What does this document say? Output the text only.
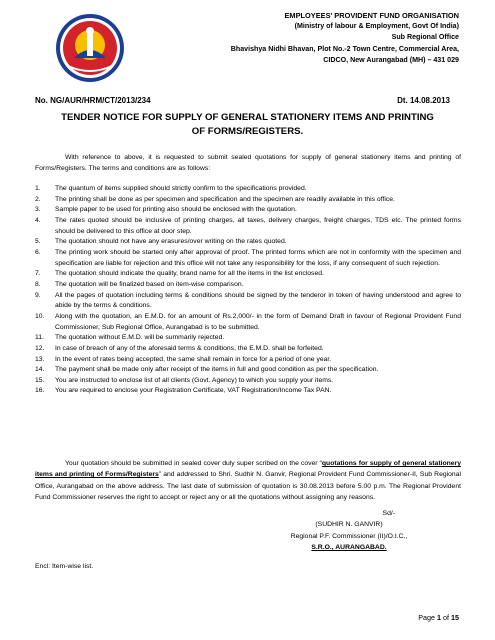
EMPLOYEES' PROVIDENT FUND ORGANISATION
(Ministry of labour & Employment, Govt Of India)
Sub Regional Office
Bhavishya Nidhi Bhavan, Plot No.-2 Town Centre, Commercial Area,
CIDCO, New Aurangabad (MH) – 431 029
No. NG/AUR/HRM/CT/2013/234	Dt. 14.08.2013
TENDER NOTICE FOR SUPPLY OF GENERAL STATIONERY ITEMS AND PRINTING
OF FORMS/REGISTERS.

With reference to above, it is requested to submit sealed quotations for supply of general stationery items and printing of Forms/Registers. The terms and conditions are as follows:

1. The quantum of items supplied should strictly confirm to the specifications provided.
2. The printing shall be done as per specimen and specification and the specimen are readily available in this office.
3. Sample paper to be used for printing also should be enclosed with the quotation.
4. The rates quoted should be inclusive of printing charges, all taxes, delivery charges, freight charges, TDS etc. The printed forms should be delivered to this office at door step.
5. The quotation should not have any erasures/over writing on the rates quoted.
6. The printing work should be started only after approval of proof. The printed forms which are not in conformity with the specimen and specification are liable for rejection and this office will not take any responsibility for the loss, if any consequent of such rejection.
7. The quotation should indicate the quality, brand name for all the items in the list enclosed.
8. The quotation will be finalized based on item-wise comparison.
9. All the pages of quotation including terms & conditions should be signed by the tenderor in token of having understood and agree to abide by the terms & conditions.
10. Along with the quotation, an E.M.D. for an amount of Rs.2,000/- in the form of Demand Draft in favour of Regional Provident Fund Commissioner, Sub Regional Office, Aurangabad is to be submitted.
11. The quotation without E.M.D. will be summarily rejected.
12. In case of breach of any of the aforesaid terms & conditions, the E.M.D. shall be forfeited.
13. In the event of rates being accepted, the same shall remain in force for a period of one year.
14. The payment shall be made only after receipt of the items in full and good condition as per the specification.
15. You are instructed to enclose list of all clients (Govt. Agency) to which you supply your items.
16. You are required to enclose your Registration Certificate, VAT Registration/Income Tax PAN.

Your quotation should be submitted in sealed cover duly super scribed on the cover “quotations for supply of general stationery items and printing of Forms/Registers” and addressed to Shri. Sudhir N. Ganvir, Regional Provident Fund Commissioner-II, Sub Regional Office, Aurangabad on the above address. The last date of submission of quotation is 30.08.2013 before 5.00 p.m. The Regional Provident Fund Commissioner reserves the right to accept or reject any or all the quotations without assigning any reasons.

Sd/-
(SUDHIR N. GANVIR)
Regional P.F. Commissioner (II)/O.I.C.,
S.R.O., AURANGABAD.
Encl: Item-wise list.
Page 1 of 15
